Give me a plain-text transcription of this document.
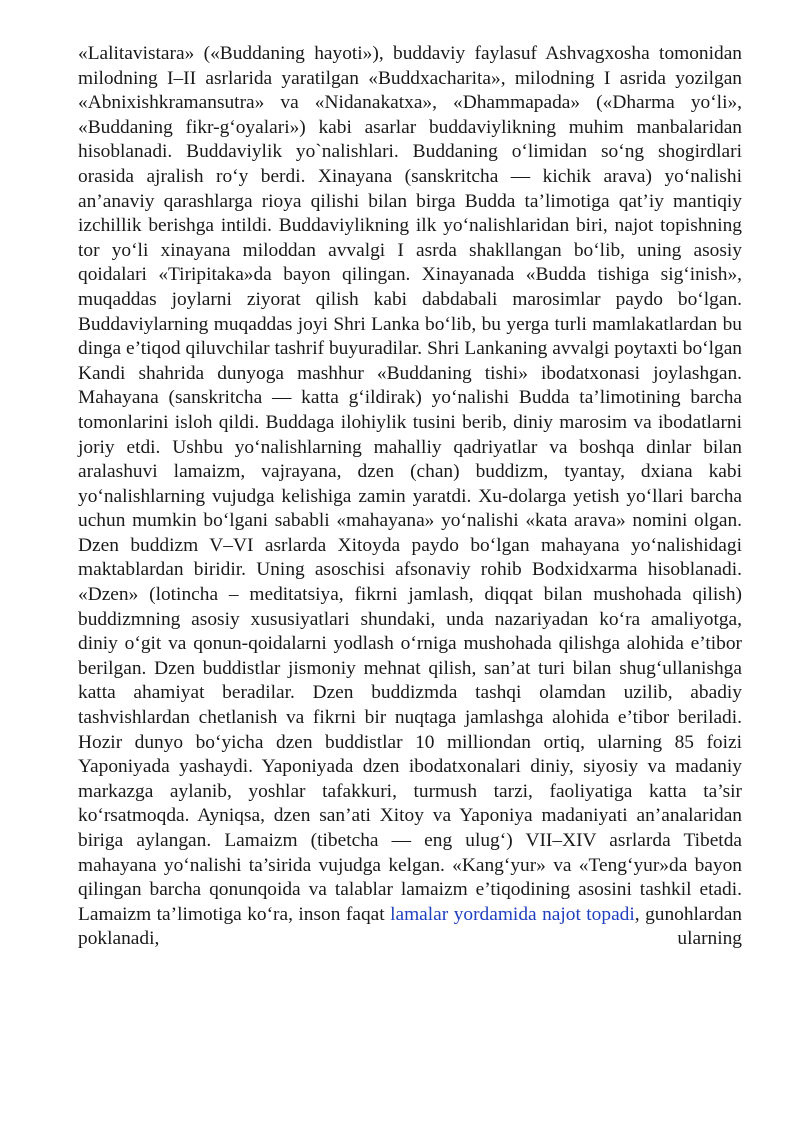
«Lalitavistara» («Buddaning hayoti»), buddaviy faylasuf Ashvagxosha tomonidan milodning I–II asrlarida yaratilgan «Buddxacharita», milodning I asrida yozilgan «Abnixishkramansutra» va «Nidanakatxa», «Dhammapada» («Dharma yo‘li», «Buddaning fikr-g‘oyalari») kabi asarlar buddaviylikning muhim manbalaridan hisoblanadi. Buddaviylik yo`nalishlari. Buddaning o‘limidan so‘ng shogirdlari orasida ajralish ro‘y berdi. Xinayana (sanskritcha — kichik arava) yo‘nalishi an’anaviy qarashlarga rioya qilishi bilan birga Budda ta’limotiga qat’iy mantiqiy izchillik berishga intildi. Buddaviylikning ilk yo‘nalishlaridan biri, najot topishning tor yo‘li xinayana miloddan avvalgi I asrda shakllangan bo‘lib, uning asosiy qoidalari «Tiripitaka»da bayon qilingan. Xinayanada «Budda tishiga sig‘inish», muqaddas joylarni ziyorat qilish kabi dabdabali marosimlar paydo bo‘lgan. Buddaviylarning muqaddas joyi Shri Lanka bo‘lib, bu yerga turli mamlakatlardan bu dinga e’tiqod qiluvchilar tashrif buyuradilar. Shri Lankaning avvalgi poytaxti bo‘lgan Kandi shahrida dunyoga mashhur «Buddaning tishi» ibodatxonasi joylashgan. Mahayana (sanskritcha — katta g‘ildirak) yo‘nalishi Budda ta’limotining barcha tomonlarini isloh qildi. Buddaga ilohiylik tusini berib, diniy marosim va ibodatlarni joriy etdi. Ushbu yo‘nalishlarning mahalliy qadriyatlar va boshqa dinlar bilan aralashuvi lamaizm, vajrayana, dzen (chan) buddizm, tyantay, dxiana kabi yo‘nalishlarning vujudga kelishiga zamin yaratdi. Xu-dolarga yetish yo‘llari barcha uchun mumkin bo‘lgani sababli «mahayana» yo‘nalishi «kata arava» nomini olgan. Dzen buddizm V–VI asrlarda Xitoyda paydo bo‘lgan mahayana yo‘nalishidagi maktablardan biridir. Uning asoschisi afsonaviy rohib Bodxidxarma hisoblanadi. «Dzen» (lotincha – meditatsiya, fikrni jamlash, diqqat bilan mushohada qilish) buddizmning asosiy xususiyatlari shundaki, unda nazariyadan ko‘ra amaliyotga, diniy o‘git va qonun-qoidalarni yodlash o‘rniga mushohada qilishga alohida e’tibor berilgan. Dzen buddistlar jismoniy mehnat qilish, san’at turi bilan shug‘ullanishga katta ahamiyat beradilar. Dzen buddizmda tashqi olamdan uzilib, abadiy tashvishlardan chetlanish va fikrni bir nuqtaga jamlashga alohida e’tibor beriladi. Hozir dunyo bo‘yicha dzen buddistlar 10 milliondan ortiq, ularning 85 foizi Yaponiyada yashaydi. Yaponiyada dzen ibodatxonalari diniy, siyosiy va madaniy markazga aylanib, yoshlar tafakkuri, turmush tarzi, faoliyatiga katta ta’sir ko‘rsatmoqda. Ayniqsa, dzen san’ati Xitoy va Yaponiya madaniyati an’analaridan biriga aylangan. Lamaizm (tibetcha — eng ulug‘) VII–XIV asrlarda Tibetda mahayana yo‘nalishi ta’sirida vujudga kelgan. «Kang‘yur» va «Teng‘yur»da bayon qilingan barcha qonunqoida va talablar lamaizm e’tiqodining asosini tashkil etadi. Lamaizm ta’limotiga ko‘ra, inson faqat lamalar yordamida najot topadi, gunohlardan poklanadi, ularning
